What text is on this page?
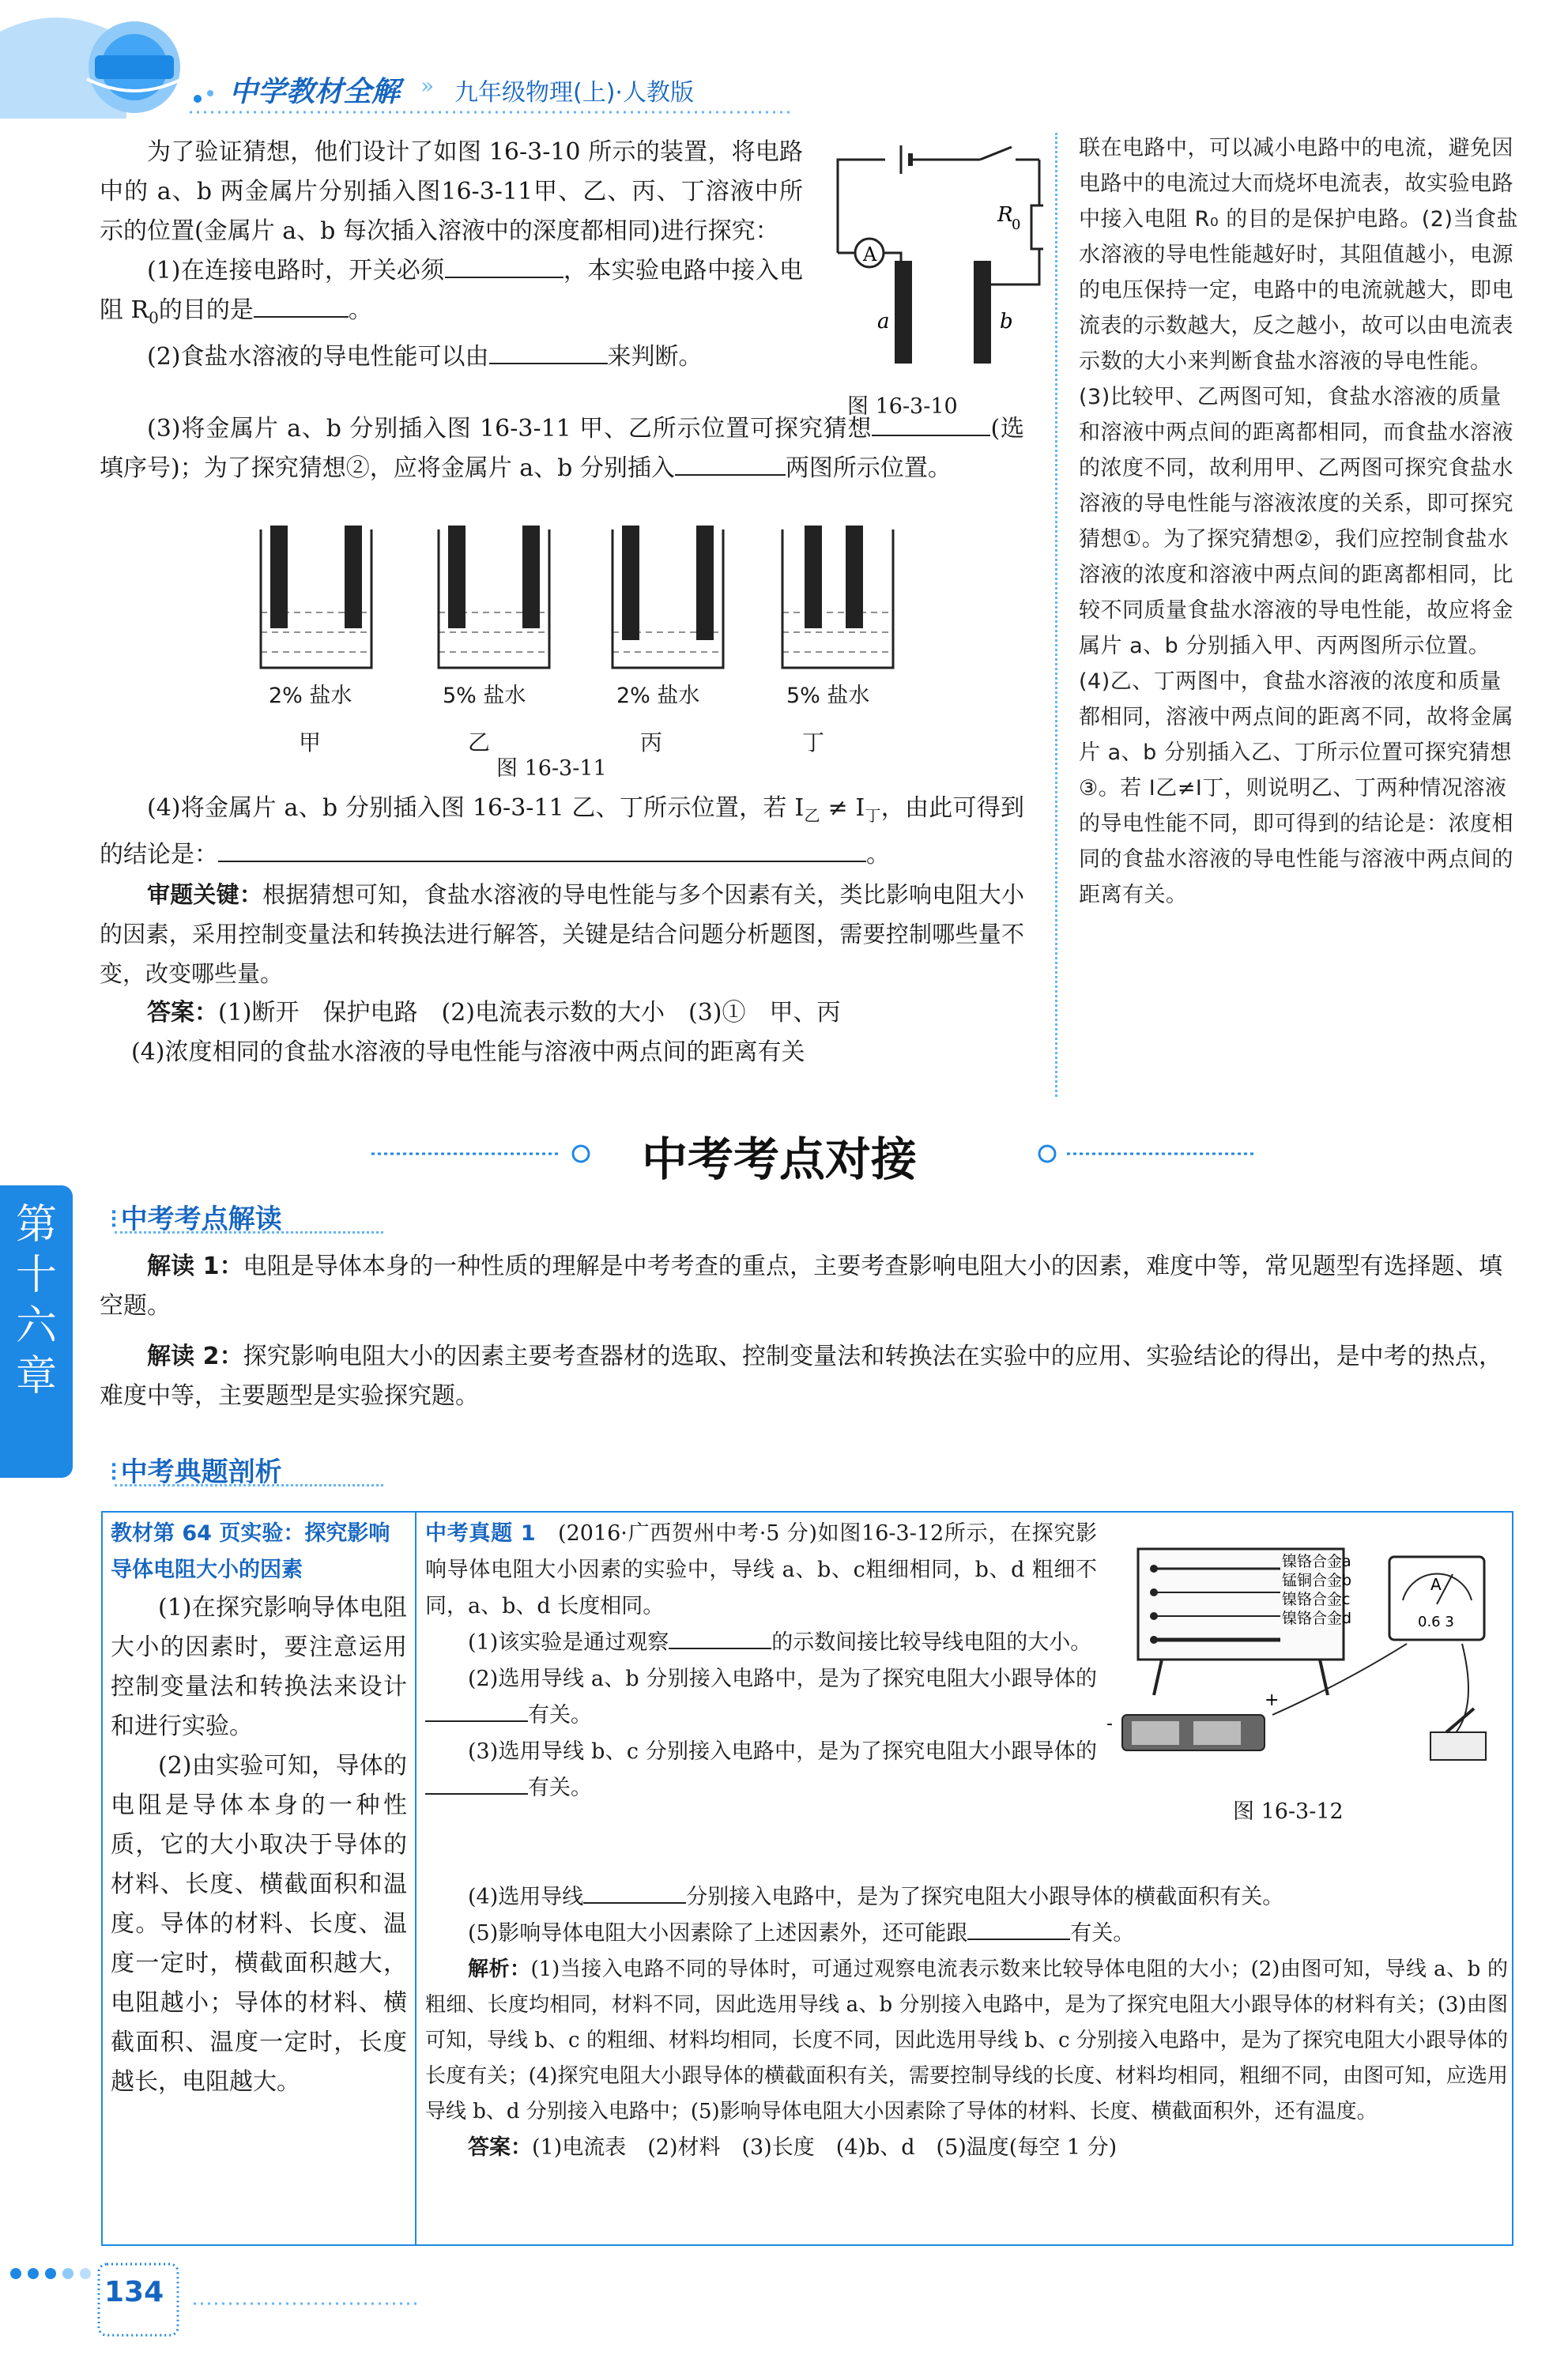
中学教材全解 » 九年级物理(上)·人教版
为了验证猜想，他们设计了如图 16-3-10 所示的装置，将电路中的 a、b 两金属片分别插入图16-3-11甲、乙、丙、丁溶液中所示的位置(金属片 a、b 每次插入溶液中的深度都相同)进行探究：
(1)在连接电路时，开关必须	，本实验电路中接入电阻 $R_0$的目的是	。
(2)食盐水溶液的导电性能可以由	来判断。
(3)将金属片 a、b 分别插入图 16-3-11 甲、乙所示位置可探究猜想	(选填序号)；为了探究猜想②，应将金属片 a、b 分别插入	两图所示位置。
A
R
0
a	b
图 16-3-10
2% 盐水	5% 盐水	2% 盐水	5% 盐水
甲	乙	丙	丁
图 16-3-11
(4)将金属片 a、b 分别插入图 16-3-11 乙、丁所示位置，若 $I_乙 \ne I_丁$，由此可得到的结论是：	。
审题关键：根据猜想可知，食盐水溶液的导电性能与多个因素有关，类比影响电阻大小的因素，采用控制变量法和转换法进行解答，关键是结合问题分析题图，需要控制哪些量不变，改变哪些量。
答案：(1)断开　保护电路　(2)电流表示数的大小　(3)①　甲、丙
(4)浓度相同的食盐水溶液的导电性能与溶液中两点间的距离有关
联在电路中，可以减小电路中的电流，避免因电路中的电流过大而烧坏电流表，故实验电路中接入电阻 R₀ 的目的是保护电路。(2)当食盐水溶液的导电性能越好时，其阻值越小，电源的电压保持一定，电路中的电流就越大，即电流表的示数越大，反之越小，故可以由电流表示数的大小来判断食盐水溶液的导电性能。(3)比较甲、乙两图可知，食盐水溶液的质量和溶液中两点间的距离都相同，而食盐水溶液的浓度不同，故利用甲、乙两图可探究食盐水溶液的导电性能与溶液浓度的关系，即可探究猜想①。为了探究猜想②，我们应控制食盐水溶液的浓度和溶液中两点间的距离都相同，比较不同质量食盐水溶液的导电性能，故应将金属片 a、b 分别插入甲、丙两图所示位置。(4)乙、丁两图中，食盐水溶液的浓度和质量都相同，溶液中两点间的距离不同，故将金属片 a、b 分别插入乙、丁所示位置可探究猜想③。若 I乙≠I丁，则说明乙、丁两种情况溶液的导电性能不同，即可得到的结论是：浓度相同的食盐水溶液的导电性能与溶液中两点间的距离有关。
中考考点对接
第十六章
⫶ 中考考点解读
解读 1：电阻是导体本身的一种性质的理解是中考考查的重点，主要考查影响电阻大小的因素，难度中等，常见题型有选择题、填空题。
解读 2：探究影响电阻大小的因素主要考查器材的选取、控制变量法和转换法在实验中的应用、实验结论的得出，是中考的热点，难度中等，主要题型是实验探究题。
⫶ 中考典题剖析
教材第 64 页实验：探究影响导体电阻大小的因素
(1)在探究影响导体电阻大小的因素时，要注意运用控制变量法和转换法来设计和进行实验。
(2)由实验可知，导体的电阻是导体本身的一种性质，它的大小取决于导体的材料、长度、横截面积和温度。导体的材料、长度、温度一定时，横截面积越大，电阻越小；导体的材料、横截面积、温度一定时，长度越长，电阻越大。
中考真题 1　 (2016·广西贺州中考·5 分)如图16-3-12所示，在探究影响导体电阻大小因素的实验中，导线 a、b、c粗细相同，b、d 粗细不同，a、b、d 长度相同。
(1)该实验是通过观察	的示数间接比较导线电阻的大小。
(2)选用导线 a、b 分别接入电路中，是为了探究电阻大小跟导体的有关。
(3)选用导线 b、c 分别接入电路中，是为了探究电阻大小跟导体的有关。
(4)选用导线	分别接入电路中，是为了探究电阻大小跟导体的横截面积有关。
(5)影响导体电阻大小因素除了上述因素外，还可能跟	有关。
解析：(1)当接入电路不同的导体时，可通过观察电流表示数来比较导体电阻的大小；(2)由图可知，导线 a、b 的粗细、长度均相同，材料不同，因此选用导线 a、b 分别接入电路中，是为了探究电阻大小跟导体的材料有关；(3)由图可知，导线 b、c 的粗细、材料均相同，长度不同，因此选用导线 b、c 分别接入电路中，是为了探究电阻大小跟导体的长度有关；(4)探究电阻大小跟导体的横截面积有关，需要控制导线的长度、材料均相同，粗细不同，由图可知，应选用导线 b、d 分别接入电路中；(5)影响导体电阻大小因素除了导体的材料、长度、横截面积外，还有温度。
答案：(1)电流表　(2)材料　(3)长度　(4)b、d　(5)温度(每空 1 分)
镍铬合金a
锰铜合金b
镍铬合金c
镍铬合金d
A
0.6 3
+
-
图 16-3-12
134
